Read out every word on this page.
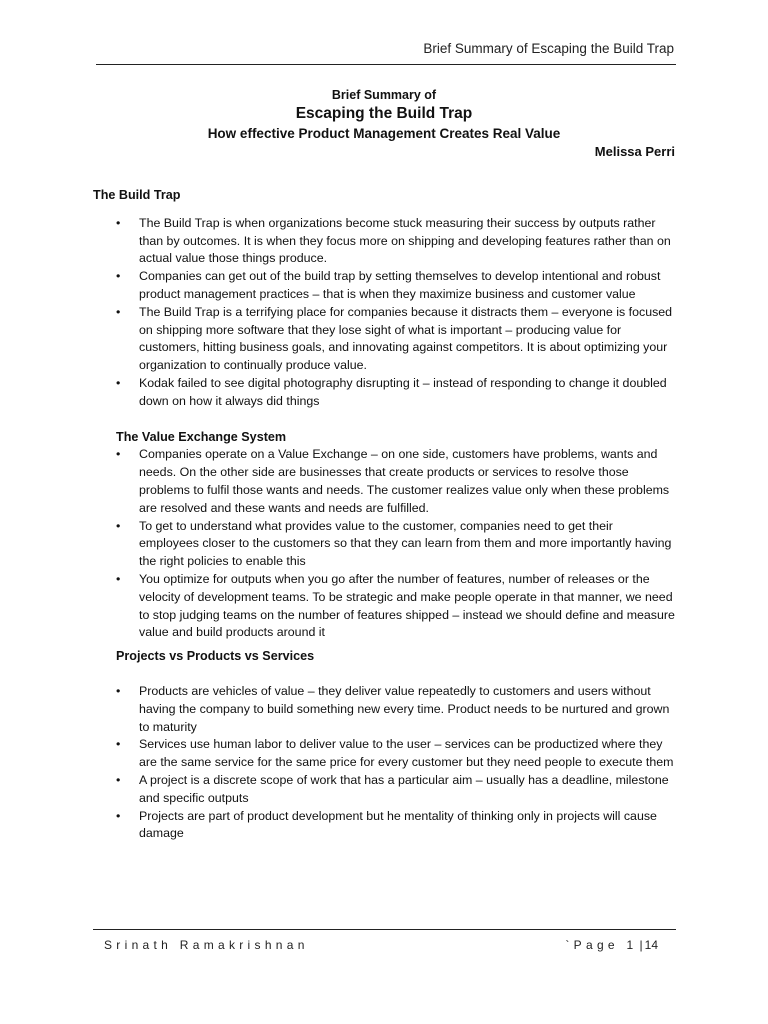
Brief Summary of Escaping the Build Trap
Brief Summary of
Escaping the Build Trap
How effective Product Management Creates Real Value
Melissa Perri
The Build Trap
• The Build Trap is when organizations become stuck measuring their success by outputs rather than by outcomes. It is when they focus more on shipping and developing features rather than on actual value those things produce.
• Companies can get out of the build trap by setting themselves to develop intentional and robust product management practices – that is when they maximize business and customer value
• The Build Trap is a terrifying place for companies because it distracts them – everyone is focused on shipping more software that they lose sight of what is important – producing value for customers, hitting business goals, and innovating against competitors. It is about optimizing your organization to continually produce value.
• Kodak failed to see digital photography disrupting it – instead of responding to change it doubled down on how it always did things
The Value Exchange System
• Companies operate on a Value Exchange – on one side, customers have problems, wants and needs. On the other side are businesses that create products or services to resolve those problems to fulfil those wants and needs. The customer realizes value only when these problems are resolved and these wants and needs are fulfilled.
• To get to understand what provides value to the customer, companies need to get their employees closer to the customers so that they can learn from them and more importantly having the right policies to enable this
• You optimize for outputs when you go after the number of features, number of releases or the velocity of development teams. To be strategic and make people operate in that manner, we need to stop judging teams on the number of features shipped – instead we should define and measure value and build products around it
Projects vs Products vs Services
• Products are vehicles of value – they deliver value repeatedly to customers and users without having the company to build something new every time. Product needs to be nurtured and grown to maturity
• Services use human labor to deliver value to the user – services can be productized where they are the same service for the same price for every customer but they need people to execute them
• A project is a discrete scope of work that has a particular aim – usually has a deadline, milestone and specific outputs
• Projects are part of product development but he mentality of thinking only in projects will cause damage
Srinath Ramakrishnan	`Page 1 | 14
